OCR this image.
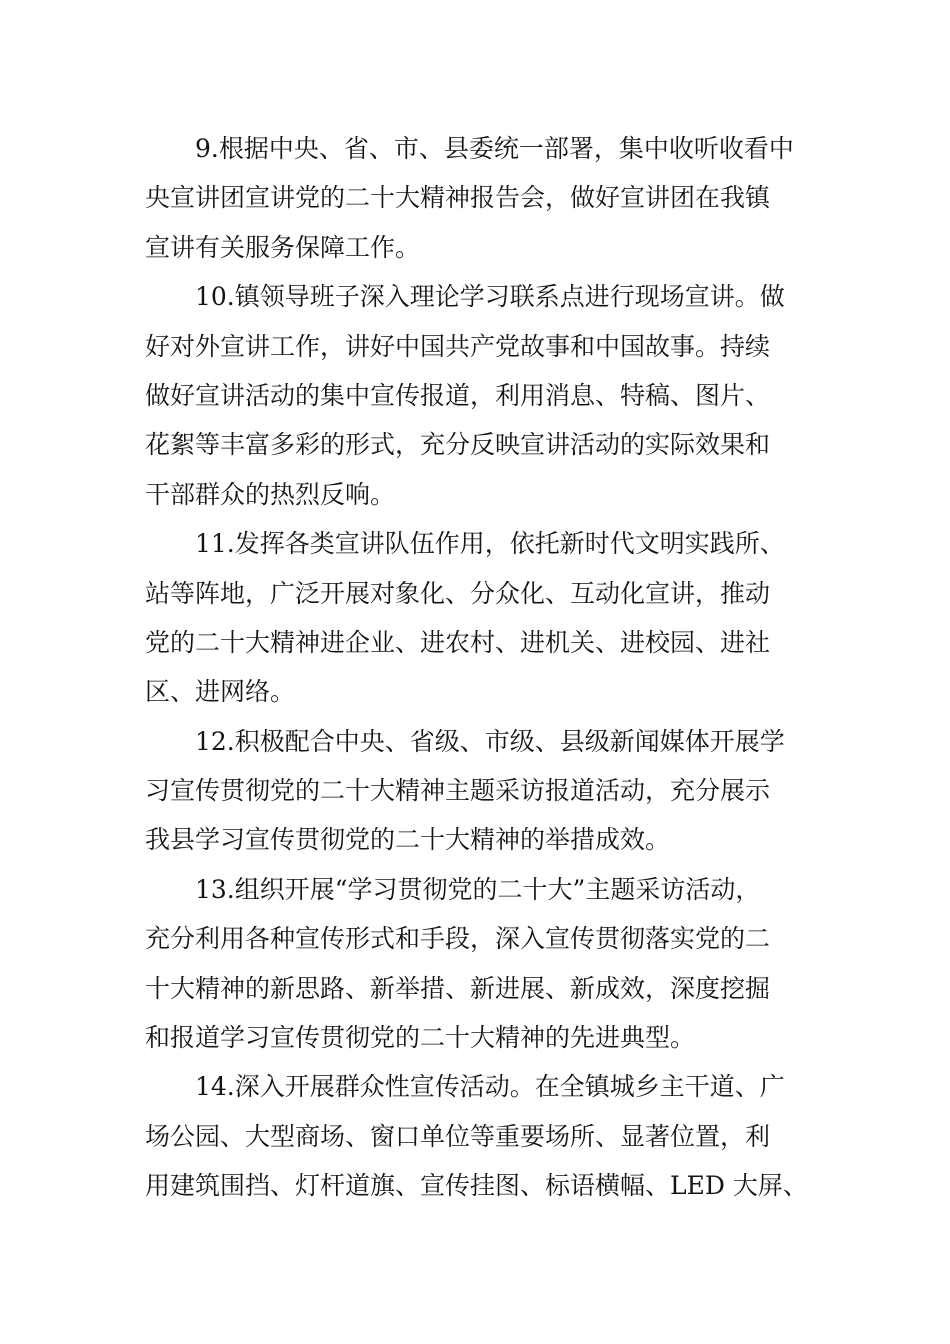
9.根据中央、省、市、县委统一部署，集中收听收看中
央宣讲团宣讲党的二十大精神报告会，做好宣讲团在我镇
宣讲有关服务保障工作。

10.镇领导班子深入理论学习联系点进行现场宣讲。做
好对外宣讲工作，讲好中国共产党故事和中国故事。持续
做好宣讲活动的集中宣传报道，利用消息、特稿、图片、
花絮等丰富多彩的形式，充分反映宣讲活动的实际效果和
干部群众的热烈反响。

11.发挥各类宣讲队伍作用，依托新时代文明实践所、
站等阵地，广泛开展对象化、分众化、互动化宣讲，推动
党的二十大精神进企业、进农村、进机关、进校园、进社
区、进网络。

12.积极配合中央、省级、市级、县级新闻媒体开展学
习宣传贯彻党的二十大精神主题采访报道活动，充分展示
我县学习宣传贯彻党的二十大精神的举措成效。

13.组织开展“学习贯彻党的二十大”主题采访活动，
充分利用各种宣传形式和手段，深入宣传贯彻落实党的二
十大精神的新思路、新举措、新进展、新成效，深度挖掘
和报道学习宣传贯彻党的二十大精神的先进典型。

14.深入开展群众性宣传活动。在全镇城乡主干道、广
场公园、大型商场、窗口单位等重要场所、显著位置，利
用建筑围挡、灯杆道旗、宣传挂图、标语横幅、LED 大屏、
